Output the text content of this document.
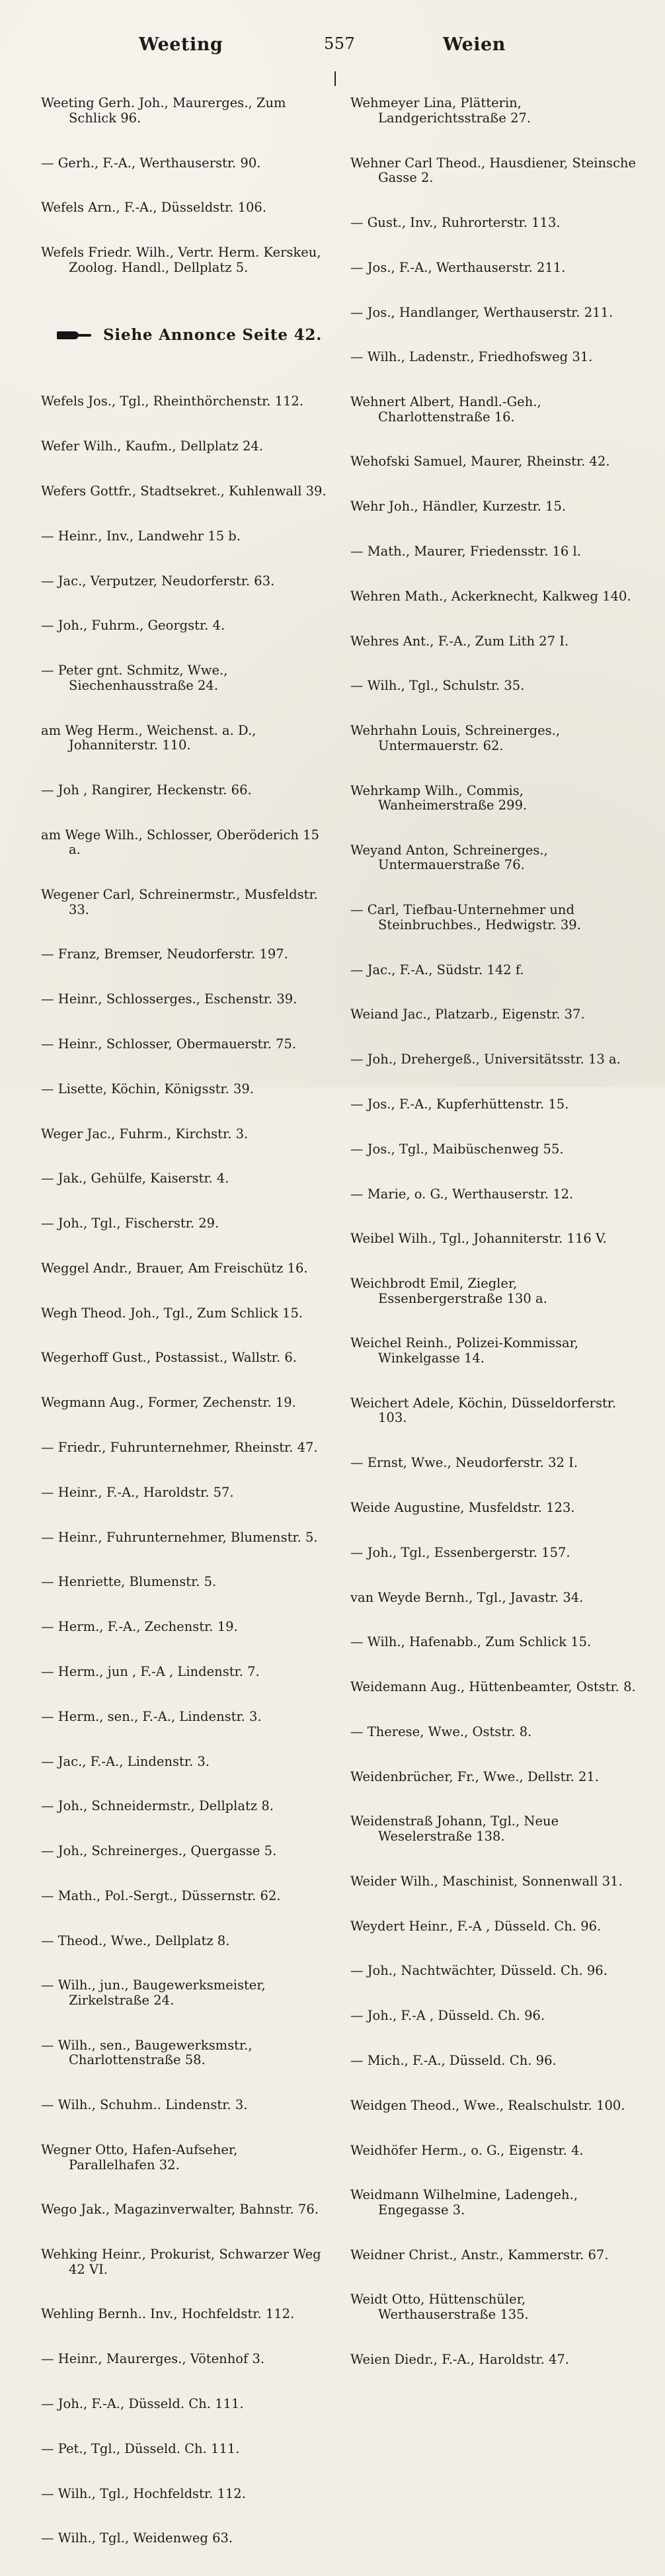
Weeting	557	Weien

Weeting Gerh. Joh., Maurerges., Zum Schlick 96.

— Gerh., F.-A., Werthauserstr. 90.

Wefels Arn., F.-A., Düsseldstr. 106.

Wefels Friedr. Wilh., Vertr. Herm. Kerskeu, Zoolog. Handl., Dellplatz 5.

Siehe Annonce Seite 42.

Wefels Jos., Tgl., Rheinthörchenstr. 112.

Wefer Wilh., Kaufm., Dellplatz 24.

Wefers Gottfr., Stadtsekret., Kuhlenwall 39.

— Heinr., Inv., Landwehr 15 b.

— Jac., Verputzer, Neudorferstr. 63.

— Joh., Fuhrm., Georgstr. 4.

— Peter gnt. Schmitz, Wwe., Siechenhausstraße 24.

am Weg Herm., Weichenst. a. D., Johanniterstr. 110.

— Joh , Rangirer, Heckenstr. 66.

am Wege Wilh., Schlosser, Oberöderich 15 a.

Wegener Carl, Schreinermstr., Musfeldstr. 33.

— Franz, Bremser, Neudorferstr. 197.

— Heinr., Schlosserges., Eschenstr. 39.

— Heinr., Schlosser, Obermauerstr. 75.

— Lisette, Köchin, Königsstr. 39.

Weger Jac., Fuhrm., Kirchstr. 3.

— Jak., Gehülfe, Kaiserstr. 4.

— Joh., Tgl., Fischerstr. 29.

Weggel Andr., Brauer, Am Freischütz 16.

Wegh Theod. Joh., Tgl., Zum Schlick 15.

Wegerhoff Gust., Postassist., Wallstr. 6.

Wegmann Aug., Former, Zechenstr. 19.

— Friedr., Fuhrunternehmer, Rheinstr. 47.

— Heinr., F.-A., Haroldstr. 57.

— Heinr., Fuhrunternehmer, Blumenstr. 5.

— Henriette, Blumenstr. 5.

— Herm., F.-A., Zechenstr. 19.

— Herm., jun , F.-A , Lindenstr. 7.

— Herm., sen., F.-A., Lindenstr. 3.

— Jac., F.-A., Lindenstr. 3.

— Joh., Schneidermstr., Dellplatz 8.

— Joh., Schreinerges., Quergasse 5.

— Math., Pol.-Sergt., Düssernstr. 62.

— Theod., Wwe., Dellplatz 8.

— Wilh., jun., Baugewerksmeister, Zirkelstraße 24.

— Wilh., sen., Baugewerksmstr., Charlottenstraße 58.

— Wilh., Schuhm.. Lindenstr. 3.

Wegner Otto, Hafen-Aufseher, Parallelhafen 32.

Wego Jak., Magazinverwalter, Bahnstr. 76.

Wehking Heinr., Prokurist, Schwarzer Weg 42 VI.

Wehling Bernh.. Inv., Hochfeldstr. 112.

— Heinr., Maurerges., Vötenhof 3.

— Joh., F.-A., Düsseld. Ch. 111.

— Pet., Tgl., Düsseld. Ch. 111.

— Wilh., Tgl., Hochfeldstr. 112.

— Wilh., Tgl., Weidenweg 63.

Wehmeyer Lina, Plätterin, Landgerichtsstraße 27.

Wehner Carl Theod., Hausdiener, Steinsche Gasse 2.

— Gust., Inv., Ruhrorterstr. 113.

— Jos., F.-A., Werthauserstr. 211.

— Jos., Handlanger, Werthauserstr. 211.

— Wilh., Ladenstr., Friedhofsweg 31.

Wehnert Albert, Handl.-Geh., Charlottenstraße 16.

Wehofski Samuel, Maurer, Rheinstr. 42.

Wehr Joh., Händler, Kurzestr. 15.

— Math., Maurer, Friedensstr. 16 l.

Wehren Math., Ackerknecht, Kalkweg 140.

Wehres Ant., F.-A., Zum Lith 27 I.

— Wilh., Tgl., Schulstr. 35.

Wehrhahn Louis, Schreinerges., Untermauerstr. 62.

Wehrkamp Wilh., Commis, Wanheimerstraße 299.

Weyand Anton, Schreinerges., Untermauerstraße 76.

— Carl, Tiefbau-Unternehmer und Steinbruchbes., Hedwigstr. 39.

— Jac., F.-A., Südstr. 142 f.

Weiand Jac., Platzarb., Eigenstr. 37.

— Joh., Drehergeß., Universitätsstr. 13 a.

— Jos., F.-A., Kupferhüttenstr. 15.

— Jos., Tgl., Maibüschenweg 55.

— Marie, o. G., Werthauserstr. 12.

Weibel Wilh., Tgl., Johanniterstr. 116 V.

Weichbrodt Emil, Ziegler, Essenbergerstraße 130 a.

Weichel Reinh., Polizei-Kommissar, Winkelgasse 14.

Weichert Adele, Köchin, Düsseldorferstr. 103.

— Ernst, Wwe., Neudorferstr. 32 I.

Weide Augustine, Musfeldstr. 123.

— Joh., Tgl., Essenbergerstr. 157.

van Weyde Bernh., Tgl., Javastr. 34.

— Wilh., Hafenabb., Zum Schlick 15.

Weidemann Aug., Hüttenbeamter, Oststr. 8.

— Therese, Wwe., Oststr. 8.

Weidenbrücher, Fr., Wwe., Dellstr. 21.

Weidenstraß Johann, Tgl., Neue Weselerstraße 138.

Weider Wilh., Maschinist, Sonnenwall 31.

Weydert Heinr., F.-A , Düsseld. Ch. 96.

— Joh., Nachtwächter, Düsseld. Ch. 96.

— Joh., F.-A , Düsseld. Ch. 96.

— Mich., F.-A., Düsseld. Ch. 96.

Weidgen Theod., Wwe., Realschulstr. 100.

Weidhöfer Herm., o. G., Eigenstr. 4.

Weidmann Wilhelmine, Ladengeh., Engegasse 3.

Weidner Christ., Anstr., Kammerstr. 67.

Weidt Otto, Hüttenschüler, Werthauserstraße 135.

Weien Diedr., F.-A., Haroldstr. 47.
